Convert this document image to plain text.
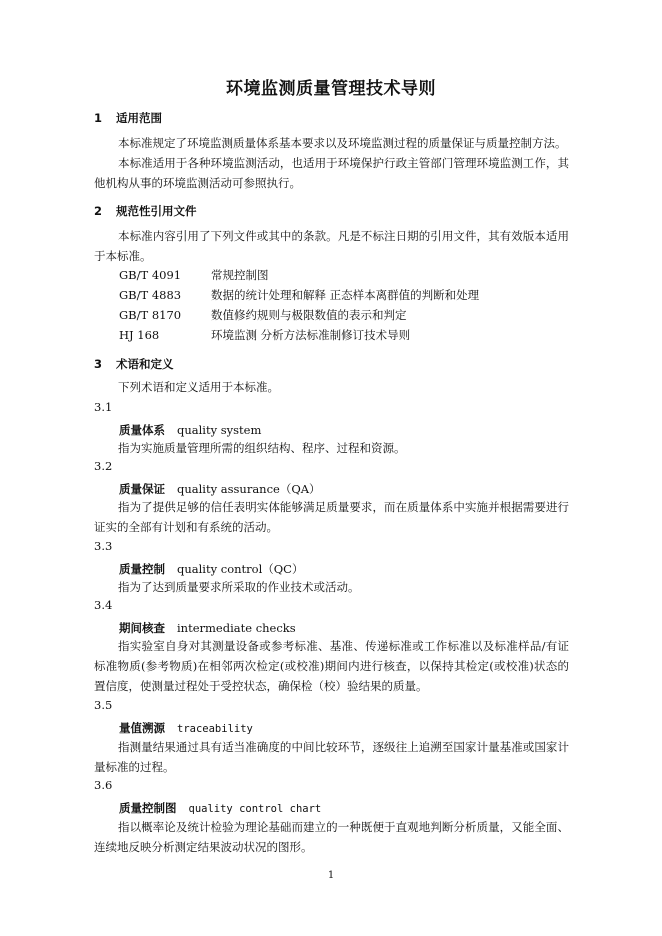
环境监测质量管理技术导则
1 适用范围

本标准规定了环境监测质量体系基本要求以及环境监测过程的质量保证与质量控制方法。

本标准适用于各种环境监测活动，也适用于环境保护行政主管部门管理环境监测工作，其他机构从事的环境监测活动可参照执行。

2 规范性引用文件

本标准内容引用了下列文件或其中的条款。凡是不标注日期的引用文件，其有效版本适用于本标准。

GB/T 4091	常规控制图
GB/T 4883	数据的统计处理和解释 正态样本离群值的判断和处理
GB/T 8170	数值修约规则与极限数值的表示和判定
HJ 168	环境监测 分析方法标准制修订技术导则
3 术语和定义

下列术语和定义适用于本标准。

3.1
质量体系 quality system

指为实施质量管理所需的组织结构、程序、过程和资源。

3.2
质量保证 quality assurance（QA）

指为了提供足够的信任表明实体能够满足质量要求，而在质量体系中实施并根据需要进行证实的全部有计划和有系统的活动。

3.3
质量控制 quality control（QC）

指为了达到质量要求所采取的作业技术或活动。

3.4
期间核查 intermediate checks

指实验室自身对其测量设备或参考标准、基准、传递标准或工作标准以及标准样品/有证标准物质(参考物质)在相邻两次检定(或校准)期间内进行核查，以保持其检定(或校准)状态的置信度，使测量过程处于受控状态，确保检（校）验结果的质量。

3.5
量值溯源 traceability

指测量结果通过具有适当准确度的中间比较环节，逐级往上追溯至国家计量基准或国家计量标准的过程。

3.6
质量控制图 quality control chart

指以概率论及统计检验为理论基础而建立的一种既便于直观地判断分析质量，又能全面、连续地反映分析测定结果波动状况的图形。

1
